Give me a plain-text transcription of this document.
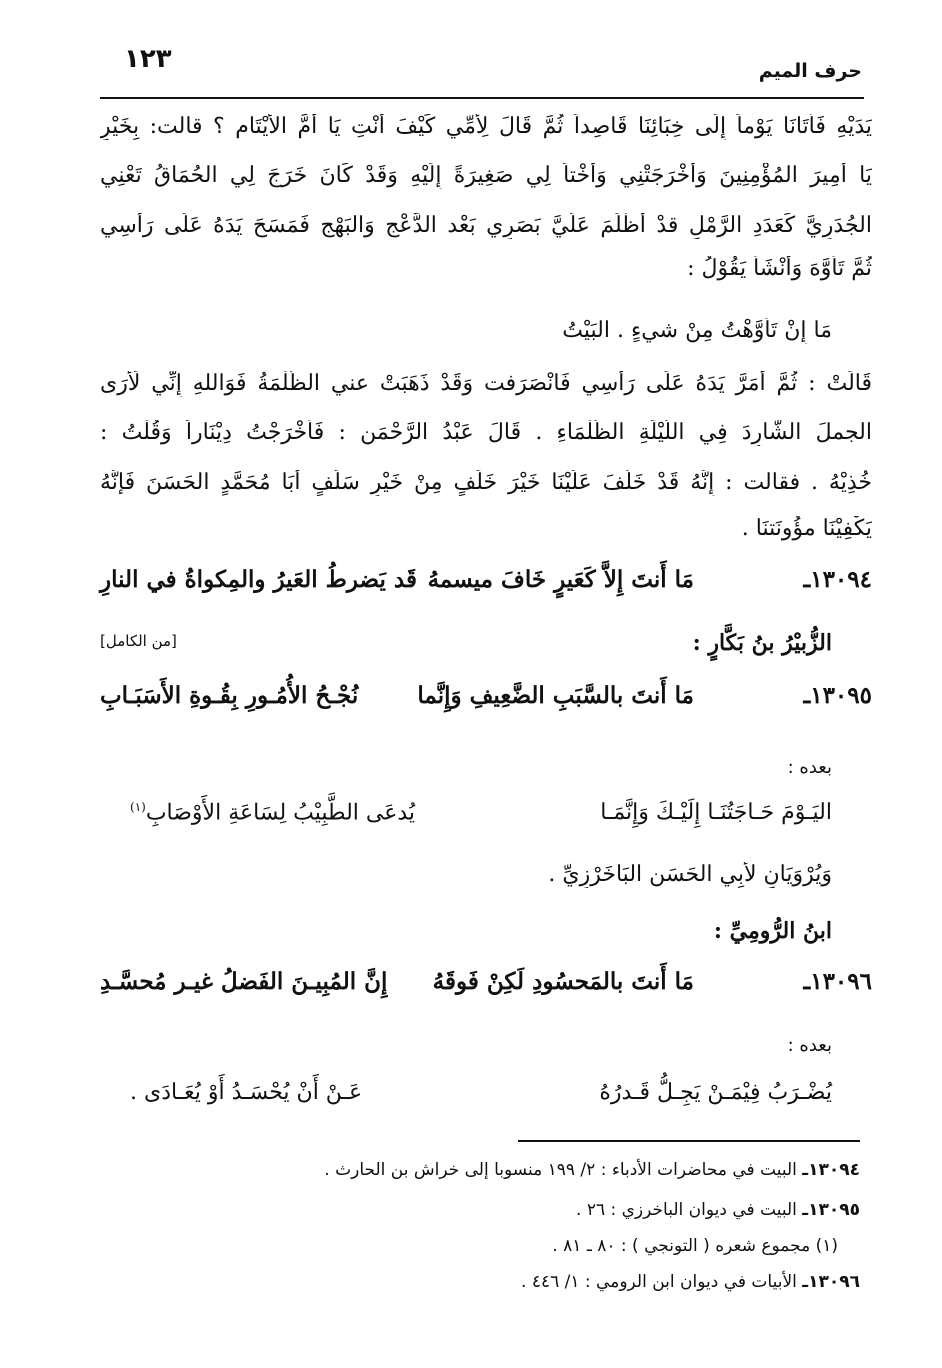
حرف الميم
١٢٣
يَدَيْهِ فَأَتَانَا يَوْماً إِلَى خِبَائِنَا قَاصِداً ثُمَّ قَالَ لِأُمِّي كَيْفَ أَنْتِ يَا أُمَّ الأَيْتَامِ ؟ قالت: بِخَيْرٍ
يَا أَمِيرَ المُؤْمِنِينَ وَأَخْرَجَتْنِي وَأُخْتاً لِي صَغِيرَةً إِلَيْهِ وَقَدْ كَانَ خَرَجَ لِي الحُمَاقُ تَعْنِي
الجُدَرِيَّ كَعَدَدِ الرَّمْلِ قدْ أَظْلَمَ عَلَيَّ بَصَرِي بَعْد الدَّعْجِ وَالبَهْجِ فَمَسَحَ يَدَهُ عَلَى رَأْسِي
ثُمَّ تَأَوَّهَ وَأَنْشَأَ يَقُوْلُ :
مَا إِنْ تَأَوَّهْتُ مِنْ شيءٍ . البَيْتُ
قَالَتْ : ثُمَّ أَمَرَّ يَدَهُ عَلَى رَأْسِي فَانْصَرَفت وَقَدْ ذَهَبَتْ عني الظُّلْمَةُ فَوَاللهِ إِنِّي لَأَرَى
الجملَ الشَّارِدَ فِي اللَّيْلَةِ الظَّلْمَاءِ . قَالَ عَبْدُ الرَّحْمَنِ : فَأَخْرَجْتُ دِيْنَاراً وَقُلْتُ :
خُذِيْهُ . فقالت : إِنَّهُ قَدْ خَلَّفَ عَلَيْنَا خَيْرَ خَلَفٍ مِنْ خَيْرِ سَلَفٍ أَبَا مُحَمَّدٍ الحَسَنَ فَإِنَّهُ
يَكْفِيْنَا مؤُونَتنَا .
١٣٠٩٤ـ
مَا أَنتَ إِلاَّ كَعَيرٍ خَافَ ميسمهُ
قَد يَضرطُ العَيرُ والمِكواةُ في النارِ
الزُّبيْرُ بنُ بَكَّارٍ :
[من الكامل]
١٣٠٩٥ـ
مَا أَنتَ بالسَّبَبِ الضَّعِيفِ وَإِنَّما
نُجْـحُ الأُمُـورِ بِقُـوةِ الأَسَبَـابِ
بعده :
اليَـوْمَ حَـاجَتُنَـا إِلَيْـكَ وَإِنَّمَـا
يُدعَى الطَّبِيْبُ لِسَاعَةِ الأَوْصَابِ$^{(١)}$
وَيُرْوَيَانِ لأَبِي الحَسَنِ البَاخَرْزِيِّ .
ابنُ الرُّومِيِّ :
١٣٠٩٦ـ
مَا أَنتَ بالمَحسُودِ لَكِنْ فَوقَهُ
إِنَّ المُبِيـنَ الفَضلُ غيـر مُحسَّـدِ
بعده :
يُضْـرَبُ فِيْمَـنْ يَجِـلُّ قَـدرُهُ
عَـنْ أَنْ يُحْسَـدُ أَوْ يُعَـادَى .
١٣٠٩٤ـ البيت في محاضرات الأدباء : ٢/ ١٩٩ منسوبا إلى خراش بن الحارث .
١٣٠٩٥ـ البيت في ديوان الباخرزي : ٢٦ .
(١) مجموع شعره ( التونجي ) : ٨٠ ـ ٨١ .
١٣٠٩٦ـ الأبيات في ديوان ابن الرومي : ١/ ٤٤٦ .
